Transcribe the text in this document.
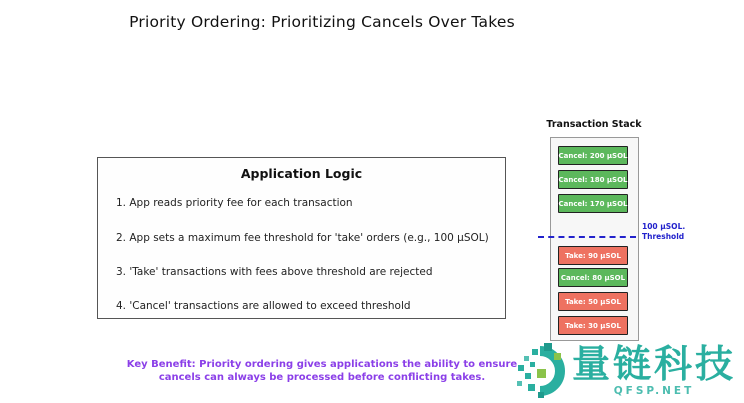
Priority Ordering: Prioritizing Cancels Over Takes
Application Logic
1. App reads priority fee for each transaction
2. App sets a maximum fee threshold for 'take' orders (e.g., 100 μSOL)
3. 'Take' transactions with fees above threshold are rejected
4. 'Cancel' transactions are allowed to exceed threshold
Transaction Stack
Cancel: 200 μSOL
Cancel: 180 μSOL
Cancel: 170 μSOL
Take: 90 μSOL
Cancel: 80 μSOL
Take: 50 μSOL
Take: 30 μSOL
100 μSOL.
Threshold
Key Benefit: Priority ordering gives applications the ability to ensure
cancels can always be processed before conflicting takes.	量链科技
QFSP.NET
